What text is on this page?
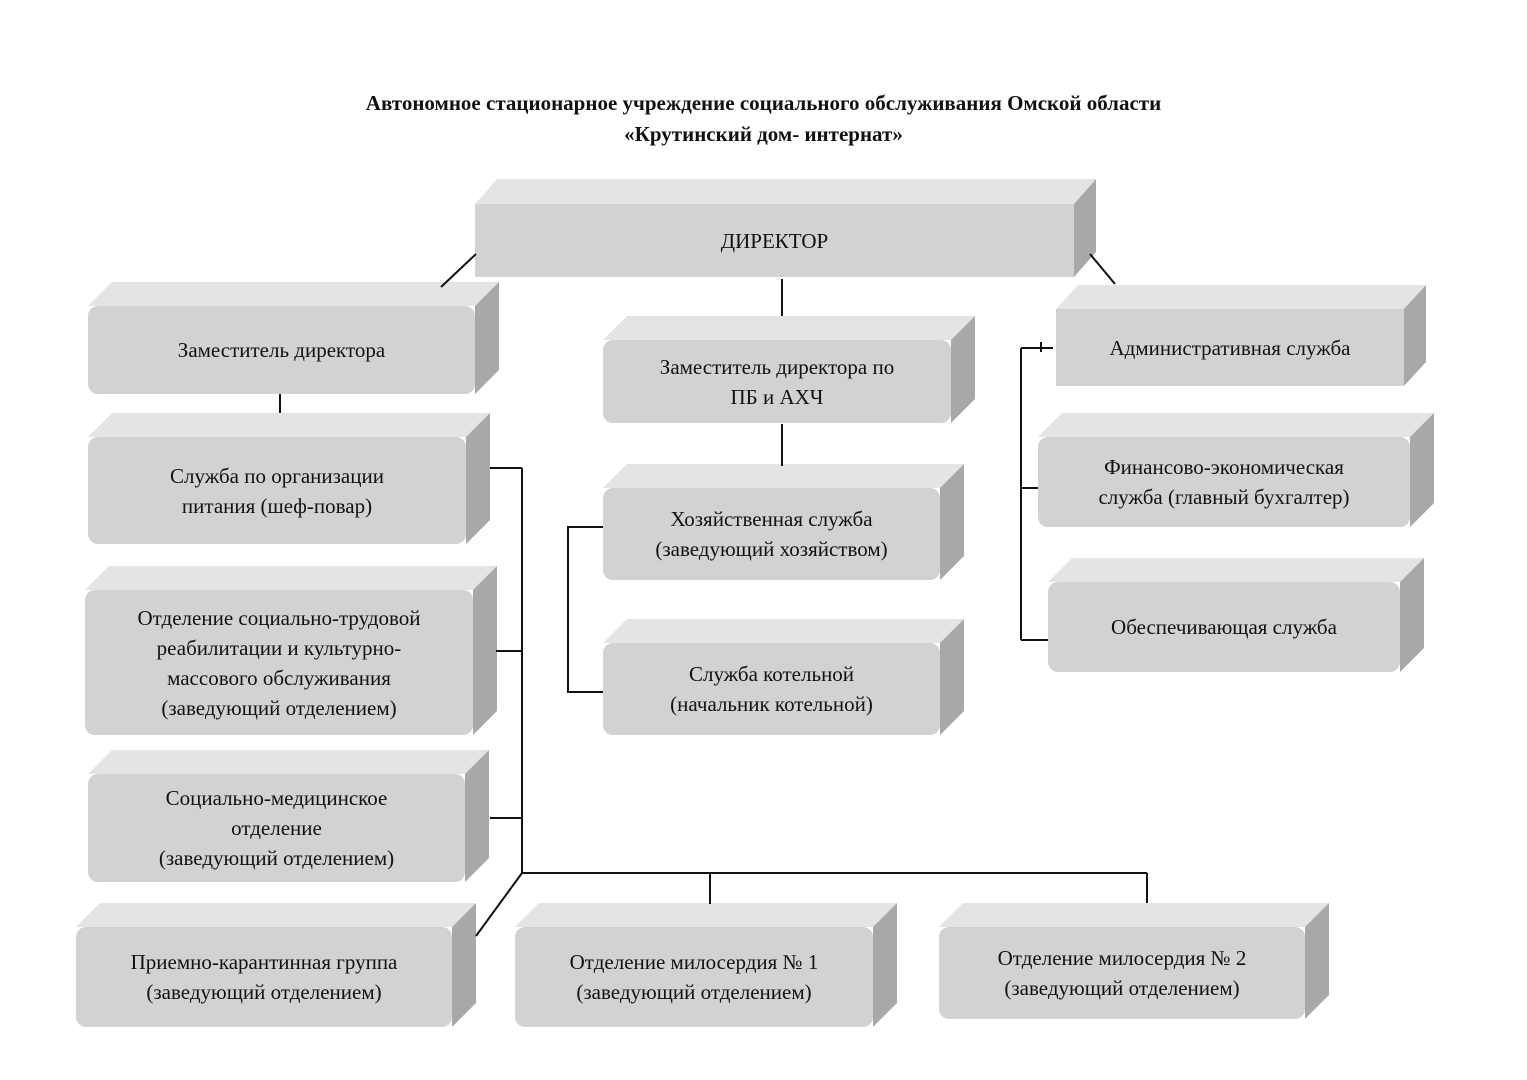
Автономное стационарное учреждение социального обслуживания Омской области
«Крутинский дом- интернат»
ДИРЕКТОР
Заместитель директора
Заместитель директора по
ПБ и АХЧ
Административная служба
Служба по организации
питания (шеф-повар)
Отделение социально-трудовой
реабилитации и культурно-
массового обслуживания
(заведующий отделением)
Социально-медицинское
отделение
(заведующий отделением)
Приемно-карантинная группа
(заведующий отделением)
Хозяйственная служба
(заведующий хозяйством)
Служба котельной
(начальник котельной)
Финансово-экономическая
служба (главный бухгалтер)
Обеспечивающая служба
Отделение милосердия № 1
(заведующий отделением)
Отделение милосердия № 2
(заведующий отделением)
